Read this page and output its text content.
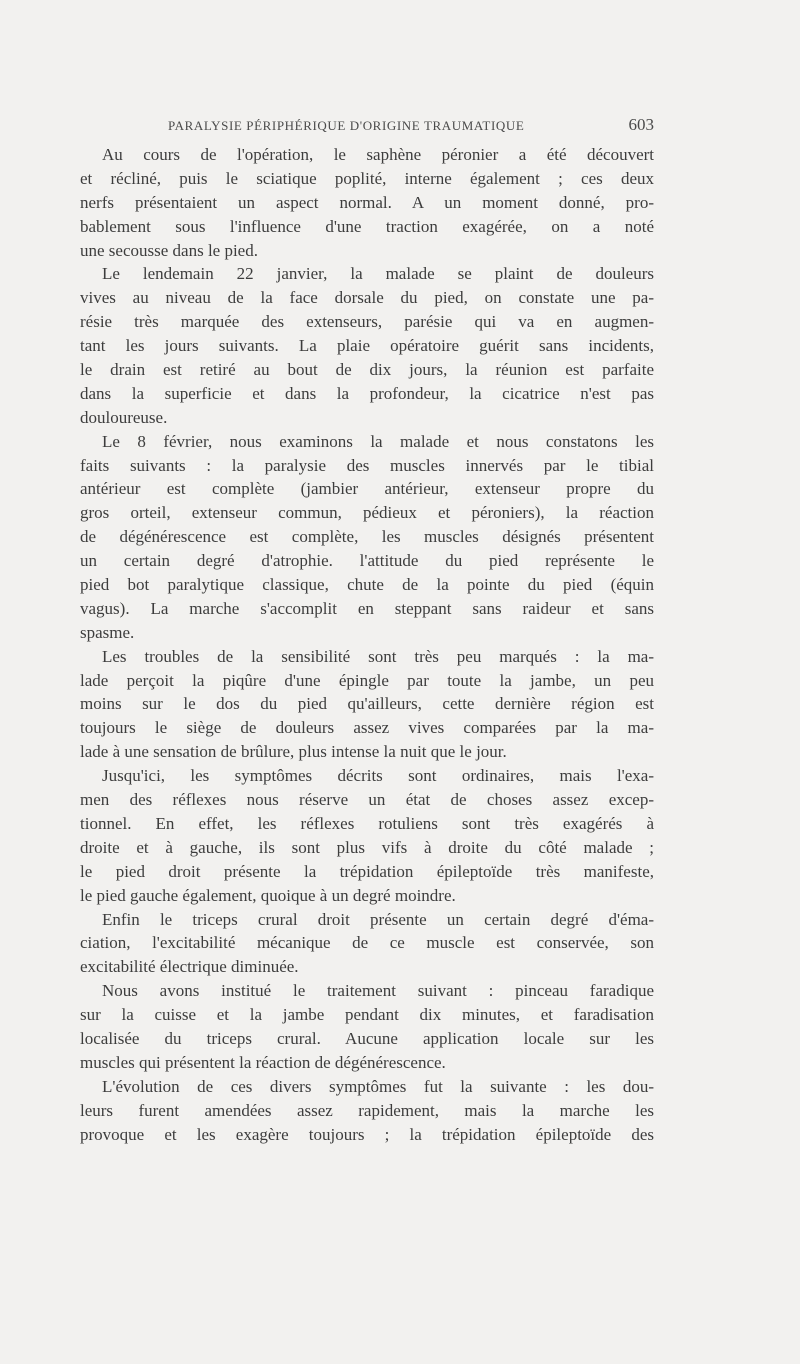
PARALYSIE PÉRIPHÉRIQUE D'ORIGINE TRAUMATIQUE	603
Au cours de l'opération, le saphène péronier a été découvert
et récliné, puis le sciatique poplité, interne également ; ces deux
nerfs présentaient un aspect normal. A un moment donné, pro-
bablement sous l'influence d'une traction exagérée, on a noté
une secousse dans le pied.
Le lendemain 22 janvier, la malade se plaint de douleurs
vives au niveau de la face dorsale du pied, on constate une pa-
résie très marquée des extenseurs, parésie qui va en augmen-
tant les jours suivants. La plaie opératoire guérit sans incidents,
le drain est retiré au bout de dix jours, la réunion est parfaite
dans la superficie et dans la profondeur, la cicatrice n'est pas
douloureuse.
Le 8 février, nous examinons la malade et nous constatons les
faits suivants : la paralysie des muscles innervés par le tibial
antérieur est complète (jambier antérieur, extenseur propre du
gros orteil, extenseur commun, pédieux et péroniers), la réaction
de dégénérescence est complète, les muscles désignés présentent
un certain degré d'atrophie. l'attitude du pied représente le
pied bot paralytique classique, chute de la pointe du pied (équin
vagus). La marche s'accomplit en steppant sans raideur et sans
spasme.
Les troubles de la sensibilité sont très peu marqués : la ma-
lade perçoit la piqûre d'une épingle par toute la jambe, un peu
moins sur le dos du pied qu'ailleurs, cette dernière région est
toujours le siège de douleurs assez vives comparées par la ma-
lade à une sensation de brûlure, plus intense la nuit que le jour.
Jusqu'ici, les symptômes décrits sont ordinaires, mais l'exa-
men des réflexes nous réserve un état de choses assez excep-
tionnel. En effet, les réflexes rotuliens sont très exagérés à
droite et à gauche, ils sont plus vifs à droite du côté malade ;
le pied droit présente la trépidation épileptoïde très manifeste,
le pied gauche également, quoique à un degré moindre.
Enfin le triceps crural droit présente un certain degré d'éma-
ciation, l'excitabilité mécanique de ce muscle est conservée, son
excitabilité électrique diminuée.
Nous avons institué le traitement suivant : pinceau faradique
sur la cuisse et la jambe pendant dix minutes, et faradisation
localisée du triceps crural. Aucune application locale sur les
muscles qui présentent la réaction de dégénérescence.
L'évolution de ces divers symptômes fut la suivante : les dou-
leurs furent amendées assez rapidement, mais la marche les
provoque et les exagère toujours ; la trépidation épileptoïde des
